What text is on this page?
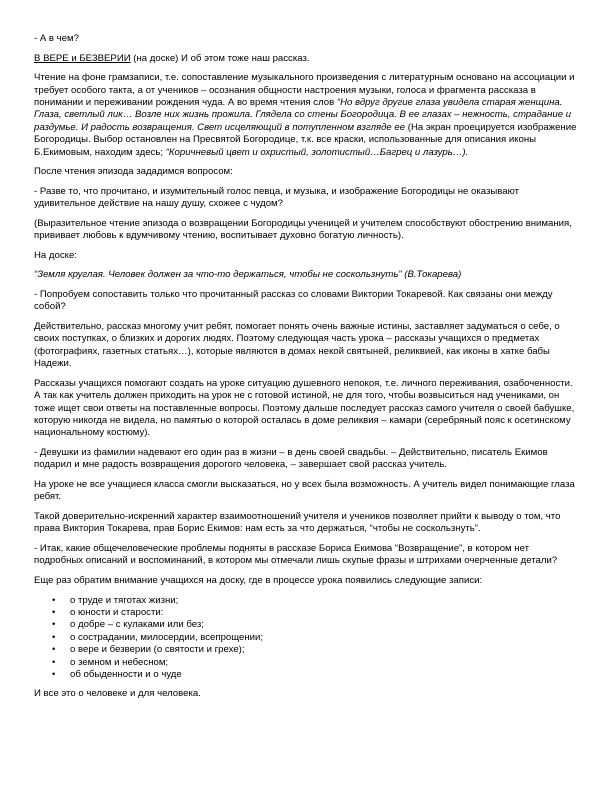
- А в чем?

В ВЕРЕ и БЕЗВЕРИИ (на доске) И об этом тоже наш рассказ.

Чтение на фоне грамзаписи, т.е. сопоставление музыкального произведения с литературным основано на ассоциации и требует особого такта, а от учеников – осознания общности настроения музыки, голоса и фрагмента рассказа в понимании и переживании рождения чуда. А во время чтения слов “Но вдруг другие глаза увидела старая женщина. Глаза, светлый лик… Возле них жизнь прожила. Глядела со стены Богородица. В ее глазах – нежность, страдание и раздумье. И радость возвращения. Свет исцеляющий в потупленном взгляде ее (На экран проецируется изображение Богородицы. Выбор остановлен на Пресвятой Богородице, т.к. все краски, использованные для описания иконы Б.Екимовым, находим здесь; “Коричневый цвет и охристый, золотистый…Багрец и лазурь…).

После чтения эпизода зададимся вопросом:

- Разве то, что прочитано, и изумительный голос певца, и музыка, и изображение Богородицы не оказывают удивительное действие на нашу душу, схожее с чудом?

(Выразительное чтение эпизода о возвращении Богородицы ученицей и учителем способствуют обострению внимания, прививает любовь к вдумчивому чтению, воспитывает духовно богатую личность).

На доске:

“Земля круглая. Человек должен за что-то держаться, чтобы не соскользнуть” (В.Токарева)

- Попробуем сопоставить только что прочитанный рассказ со словами Виктории Токаревой. Как связаны они между собой?

Действительно, рассказ многому учит ребят, помогает понять очень важные истины, заставляет задуматься о себе, о своих поступках, о близких и дорогих людях. Поэтому следующая часть урока – рассказы учащихся о предметах (фотографиях, газетных статьях…), которые являются в домах некой святыней, реликвией, как иконы в хатке бабы Надежи.

Рассказы учащихся помогают создать на уроке ситуацию душевного непокоя, т.е. личного переживания, озабоченности. А так как учитель должен приходить на урок не с готовой истиной, не для того, чтобы возвыситься над учениками, он тоже ищет свои ответы на поставленные вопросы. Поэтому дальше последует рассказ самого учителя о своей бабушке, которую никогда не видела, но памятью о которой осталась в доме реликвия – камари (серебряный пояс к осетинскому национальному костюму).

- Девушки из фамилии надевают его один раз в жизни – в день своей свадьбы. – Действительно, писатель Екимов подарил и мне радость возвращения дорогого человека, – завершает свой рассказ учитель.

На уроке не все учащиеся класса смогли высказаться, но у всех была возможность. А учитель видел понимающие глаза ребят.

Такой доверительно-искренний характер взаимоотношений учителя и учеников позволяет прийти к выводу о том, что права Виктория Токарева, прав Борис Екимов: нам есть за что держаться, “чтобы не соскользнуть”.

- Итак, какие общечеловеческие проблемы подняты в рассказе Бориса Екимова “Возвращение”, в котором нет подробных описаний и воспоминаний, в котором мы отмечали лишь скупые фразы и штрихами очерченные детали?

Еще раз обратим внимание учащихся на доску, где в процессе урока появились следующие записи:

• о труде и тяготах жизни;
• о юности и старости:
• о добре – с кулаками или без;
• о сострадании, милосердии, всепрощении;
• о вере и безверии (о святости и грехе);
• о земном и небесном;
• об обыденности и о чуде

И все это о человеке и для человека.
